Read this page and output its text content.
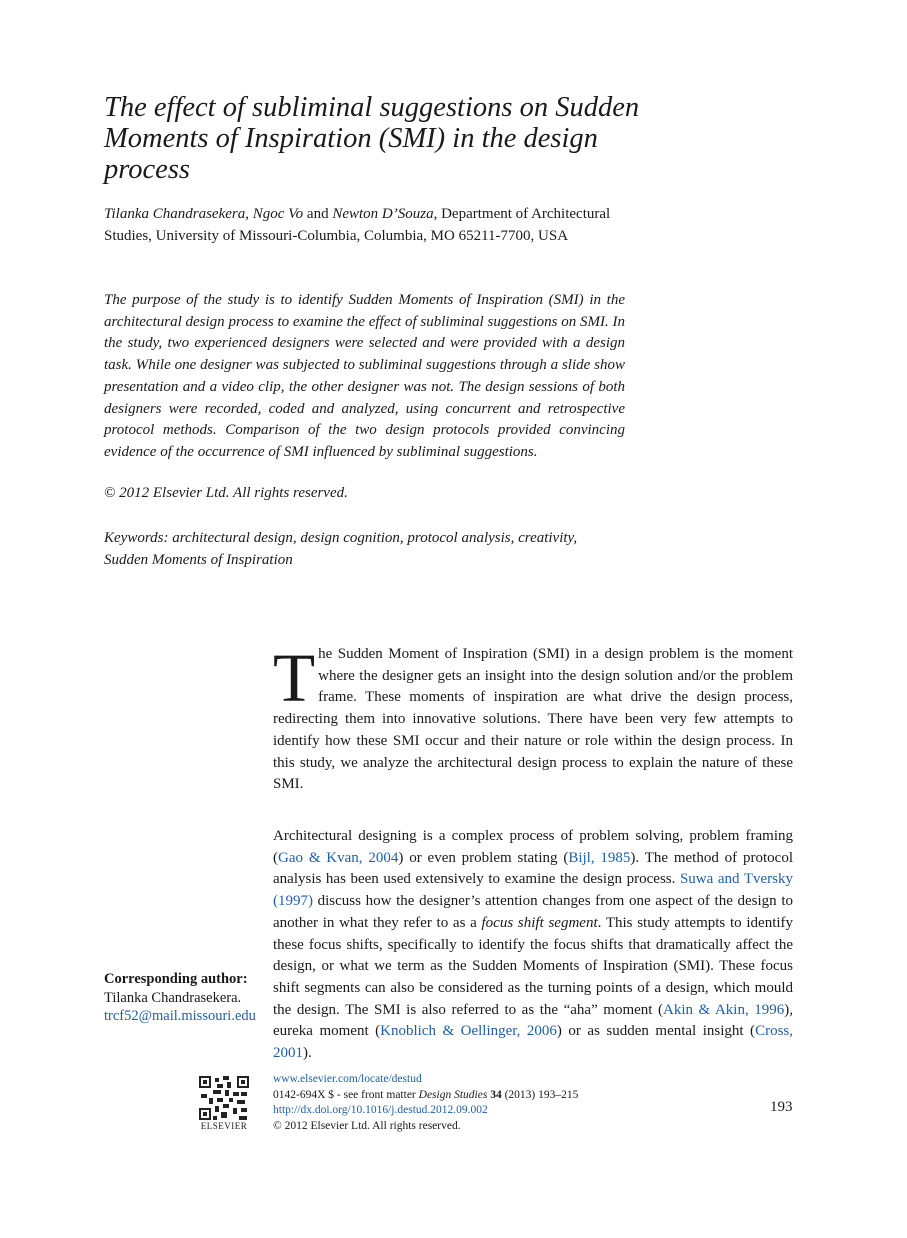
The effect of subliminal suggestions on Sudden Moments of Inspiration (SMI) in the design process
Tilanka Chandrasekera, Ngoc Vo and Newton D’Souza, Department of Architectural Studies, University of Missouri-Columbia, Columbia, MO 65211-7700, USA

The purpose of the study is to identify Sudden Moments of Inspiration (SMI) in the architectural design process to examine the effect of subliminal suggestions on SMI. In the study, two experienced designers were selected and were provided with a design task. While one designer was subjected to subliminal suggestions through a slide show presentation and a video clip, the other designer was not. The design sessions of both designers were recorded, coded and analyzed, using concurrent and retrospective protocol methods. Comparison of the two design protocols provided convincing evidence of the occurrence of SMI influenced by subliminal suggestions.

© 2012 Elsevier Ltd. All rights reserved.
Keywords: architectural design, design cognition, protocol analysis, creativity, Sudden Moments of Inspiration

The Sudden Moment of Inspiration (SMI) in a design problem is the moment where the designer gets an insight into the design solution and/or the problem frame. These moments of inspiration are what drive the design process, redirecting them into innovative solutions. There have been very few attempts to identify how these SMI occur and their nature or role within the design process. In this study, we analyze the architectural design process to explain the nature of these SMI.

Architectural designing is a complex process of problem solving, problem framing (Gao & Kvan, 2004) or even problem stating (Bijl, 1985). The method of protocol analysis has been used extensively to examine the design process. Suwa and Tversky (1997) discuss how the designer’s attention changes from one aspect of the design to another in what they refer to as a focus shift segment. This study attempts to identify these focus shifts, specifically to identify the focus shifts that dramatically affect the design, or what we term as the Sudden Moments of Inspiration (SMI). These focus shift segments can also be considered as the turning points of a design, which mould the design. The SMI is also referred to as the “aha” moment (Akin & Akin, 1996), eureka moment (Knoblich & Oellinger, 2006) or as sudden mental insight (Cross, 2001).

Corresponding author:
Tilanka Chandrasekera.
trcf52@mail.missouri.edu
ELSEVIER
www.elsevier.com/locate/destud
0142-694X $ - see front matter Design Studies 34 (2013) 193–215
http://dx.doi.org/10.1016/j.destud.2012.09.002
© 2012 Elsevier Ltd. All rights reserved.
193
